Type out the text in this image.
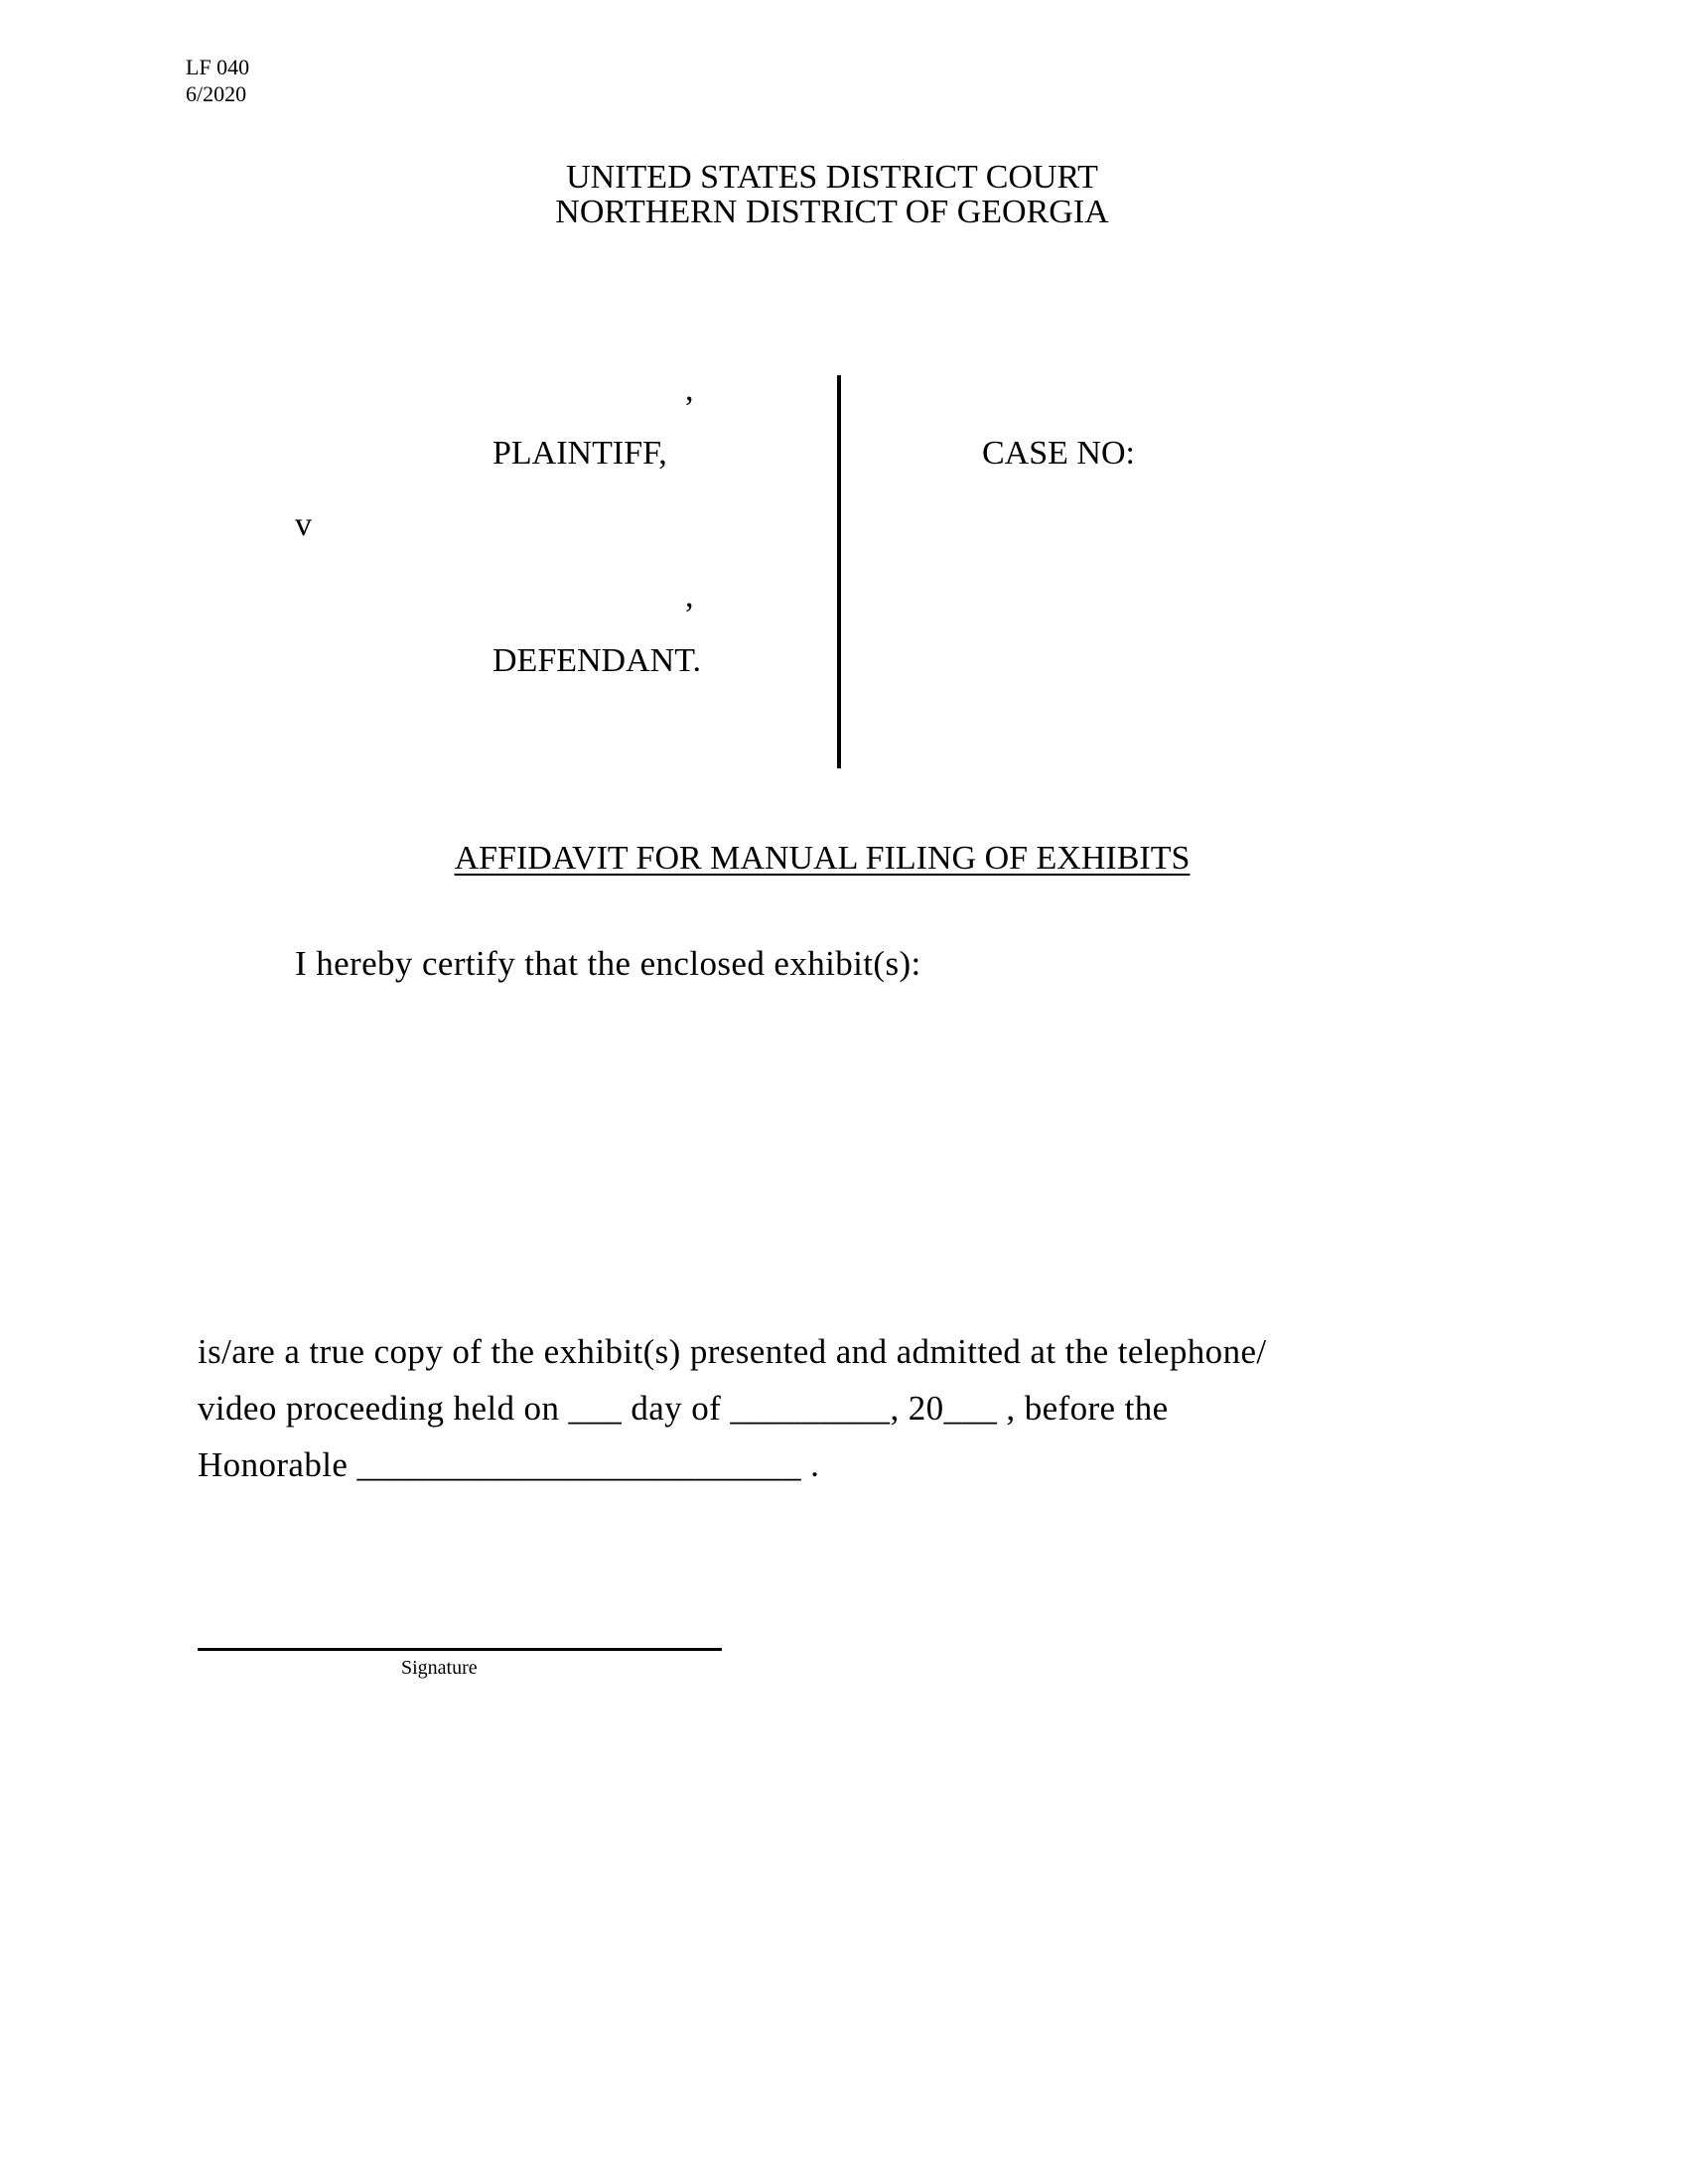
LF 040
6/2020
UNITED STATES DISTRICT COURT
NORTHERN DISTRICT OF GEORGIA
,
PLAINTIFF,
v
,
DEFENDANT.
CASE NO:
AFFIDAVIT FOR MANUAL FILING OF EXHIBITS
I hereby certify that the enclosed exhibit(s):
is/are a true copy of the exhibit(s) presented and admitted at the telephone/
video proceeding held on ___ day of _________, 20___ , before the
Honorable _________________________ .
Signature
